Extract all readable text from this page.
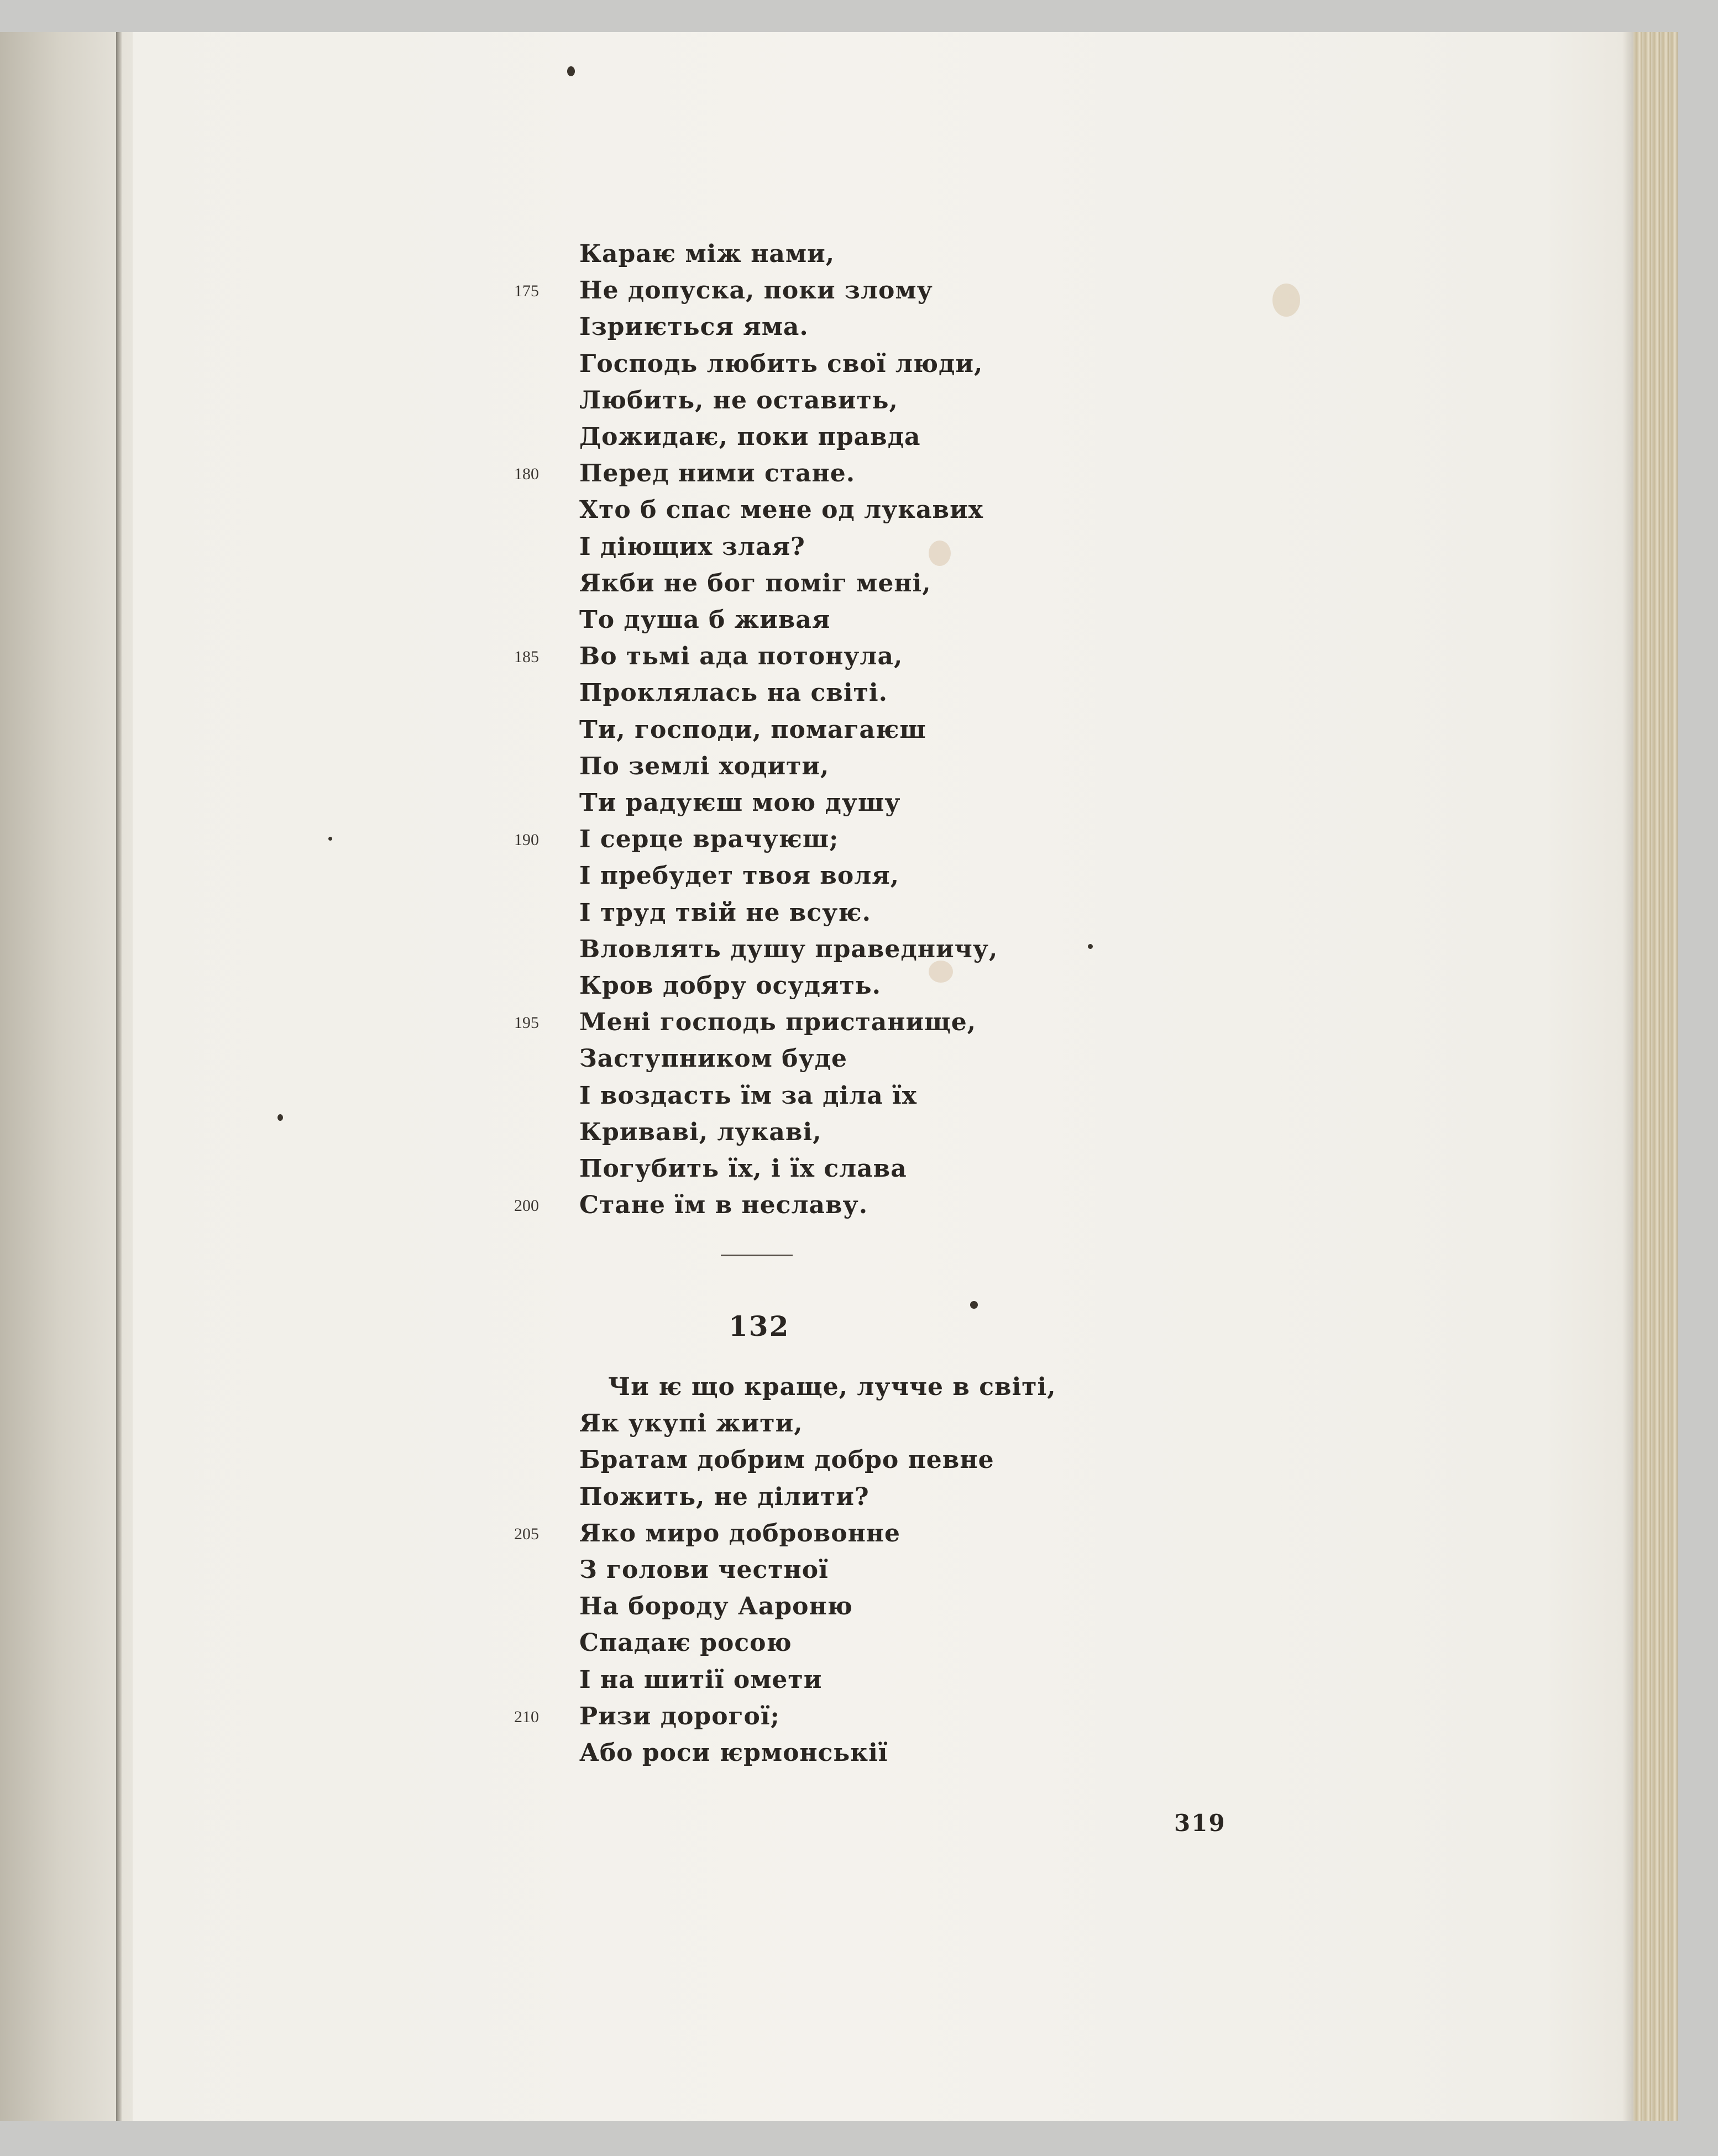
Караѥ між нами,
Не допуска, поки злому
175
Ізриѥться яма.
Господь любить свої люди,
Любить, не оставить,
Дожидаѥ, поки правда
Перед ними стане.
180
Хто б спас мене од лукавих
І діющих злая?
Якби не бог поміг мені,
То душа б живая
Во тьмі ада потонула,
185
Проклялась на світі.
Ти, господи, помагаѥш
По землі ходити,
Ти радуѥш мою душу
І серце врачуѥш;
190
І пребудет твоя воля,
І труд твій не всуѥ.
Вловлять душу праведничу,
Кров добру осудять.
Мені господь пристанище,
195
Заступником буде
І воздасть їм за діла їх
Криваві, лукаві,
Погубить їх, і їх слава
Стане їм в неславу.
200
132
Чи ѥ що краще, лучче в світі,
Як укупі жити,
Братам добрим добро певне
Пожить, не ділити?
Яко миро добровонне
205
З голови честної
На бороду Аароню
Спадаѥ росою
І на шитії омети
Ризи дорогої;
210
Або роси ѥрмонськії
319
